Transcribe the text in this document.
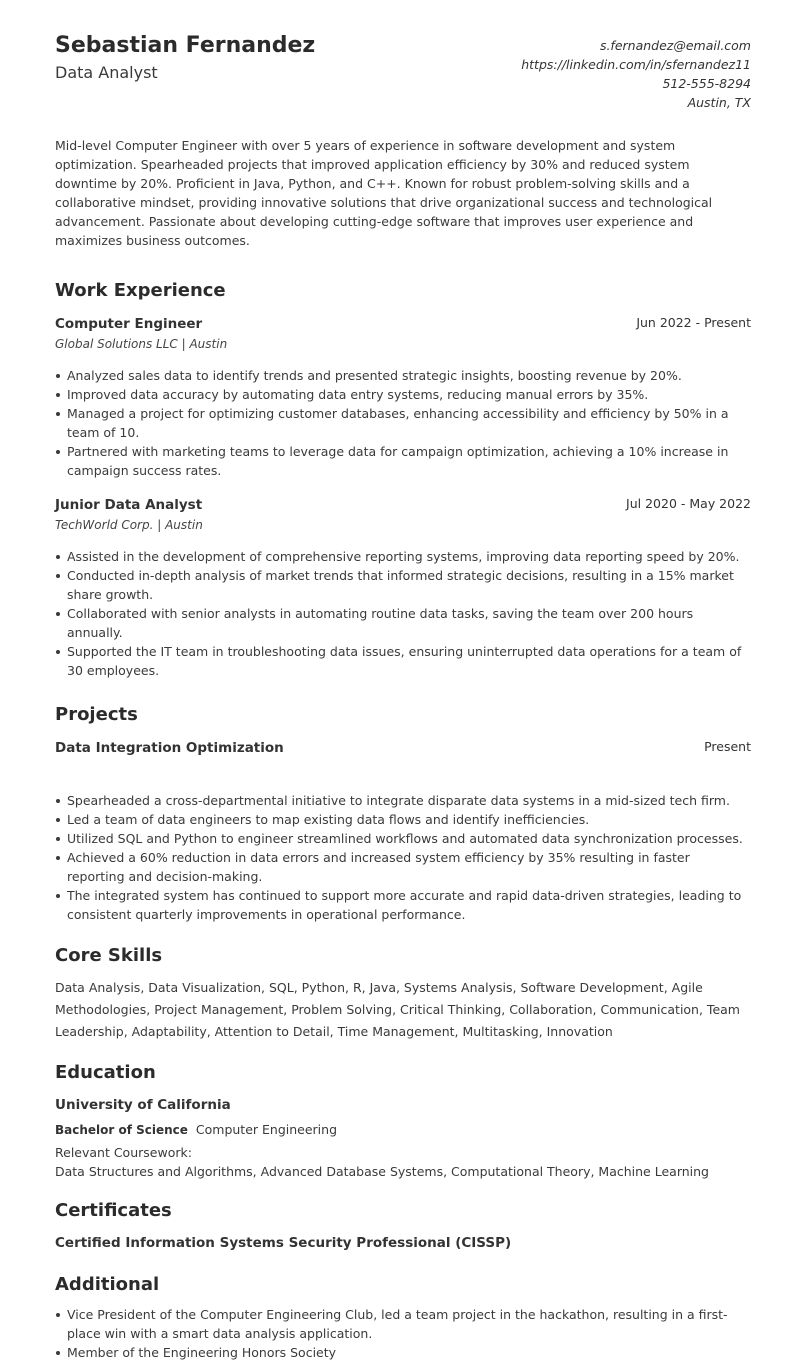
Sebastian Fernandez
Data Analyst
s.fernandez@email.com
https://linkedin.com/in/sfernandez11
512-555-8294
Austin, TX

Mid-level Computer Engineer with over 5 years of experience in software development and system optimization. Spearheaded projects that improved application efficiency by 30% and reduced system downtime by 20%. Proficient in Java, Python, and C++. Known for robust problem-solving skills and a collaborative mindset, providing innovative solutions that drive organizational success and technological advancement. Passionate about developing cutting-edge software that improves user experience and maximizes business outcomes.

Work Experience
Computer Engineer	Jun 2022 - Present
Global Solutions LLC | Austin
Analyzed sales data to identify trends and presented strategic insights, boosting revenue by 20%.
Improved data accuracy by automating data entry systems, reducing manual errors by 35%.
Managed a project for optimizing customer databases, enhancing accessibility and efficiency by 50% in a team of 10.
Partnered with marketing teams to leverage data for campaign optimization, achieving a 10% increase in campaign success rates.
Junior Data Analyst	Jul 2020 - May 2022
TechWorld Corp. | Austin
Assisted in the development of comprehensive reporting systems, improving data reporting speed by 20%.
Conducted in-depth analysis of market trends that informed strategic decisions, resulting in a 15% market share growth.
Collaborated with senior analysts in automating routine data tasks, saving the team over 200 hours annually.
Supported the IT team in troubleshooting data issues, ensuring uninterrupted data operations for a team of 30 employees.
Projects
Data Integration Optimization	Present
Spearheaded a cross-departmental initiative to integrate disparate data systems in a mid-sized tech firm.
Led a team of data engineers to map existing data flows and identify inefficiencies.
Utilized SQL and Python to engineer streamlined workflows and automated data synchronization processes.
Achieved a 60% reduction in data errors and increased system efficiency by 35% resulting in faster reporting and decision-making.
The integrated system has continued to support more accurate and rapid data-driven strategies, leading to consistent quarterly improvements in operational performance.
Core Skills

Data Analysis, Data Visualization, SQL, Python, R, Java, Systems Analysis, Software Development, Agile Methodologies, Project Management, Problem Solving, Critical Thinking, Collaboration, Communication, Team Leadership, Adaptability, Attention to Detail, Time Management, Multitasking, Innovation

Education
University of California
Bachelor of Science Computer Engineering
Relevant Coursework:
Data Structures and Algorithms, Advanced Database Systems, Computational Theory, Machine Learning
Certificates
Certified Information Systems Security Professional (CISSP)
Additional
Vice President of the Computer Engineering Club, led a team project in the hackathon, resulting in a first-place win with a smart data analysis application.
Member of the Engineering Honors Society
